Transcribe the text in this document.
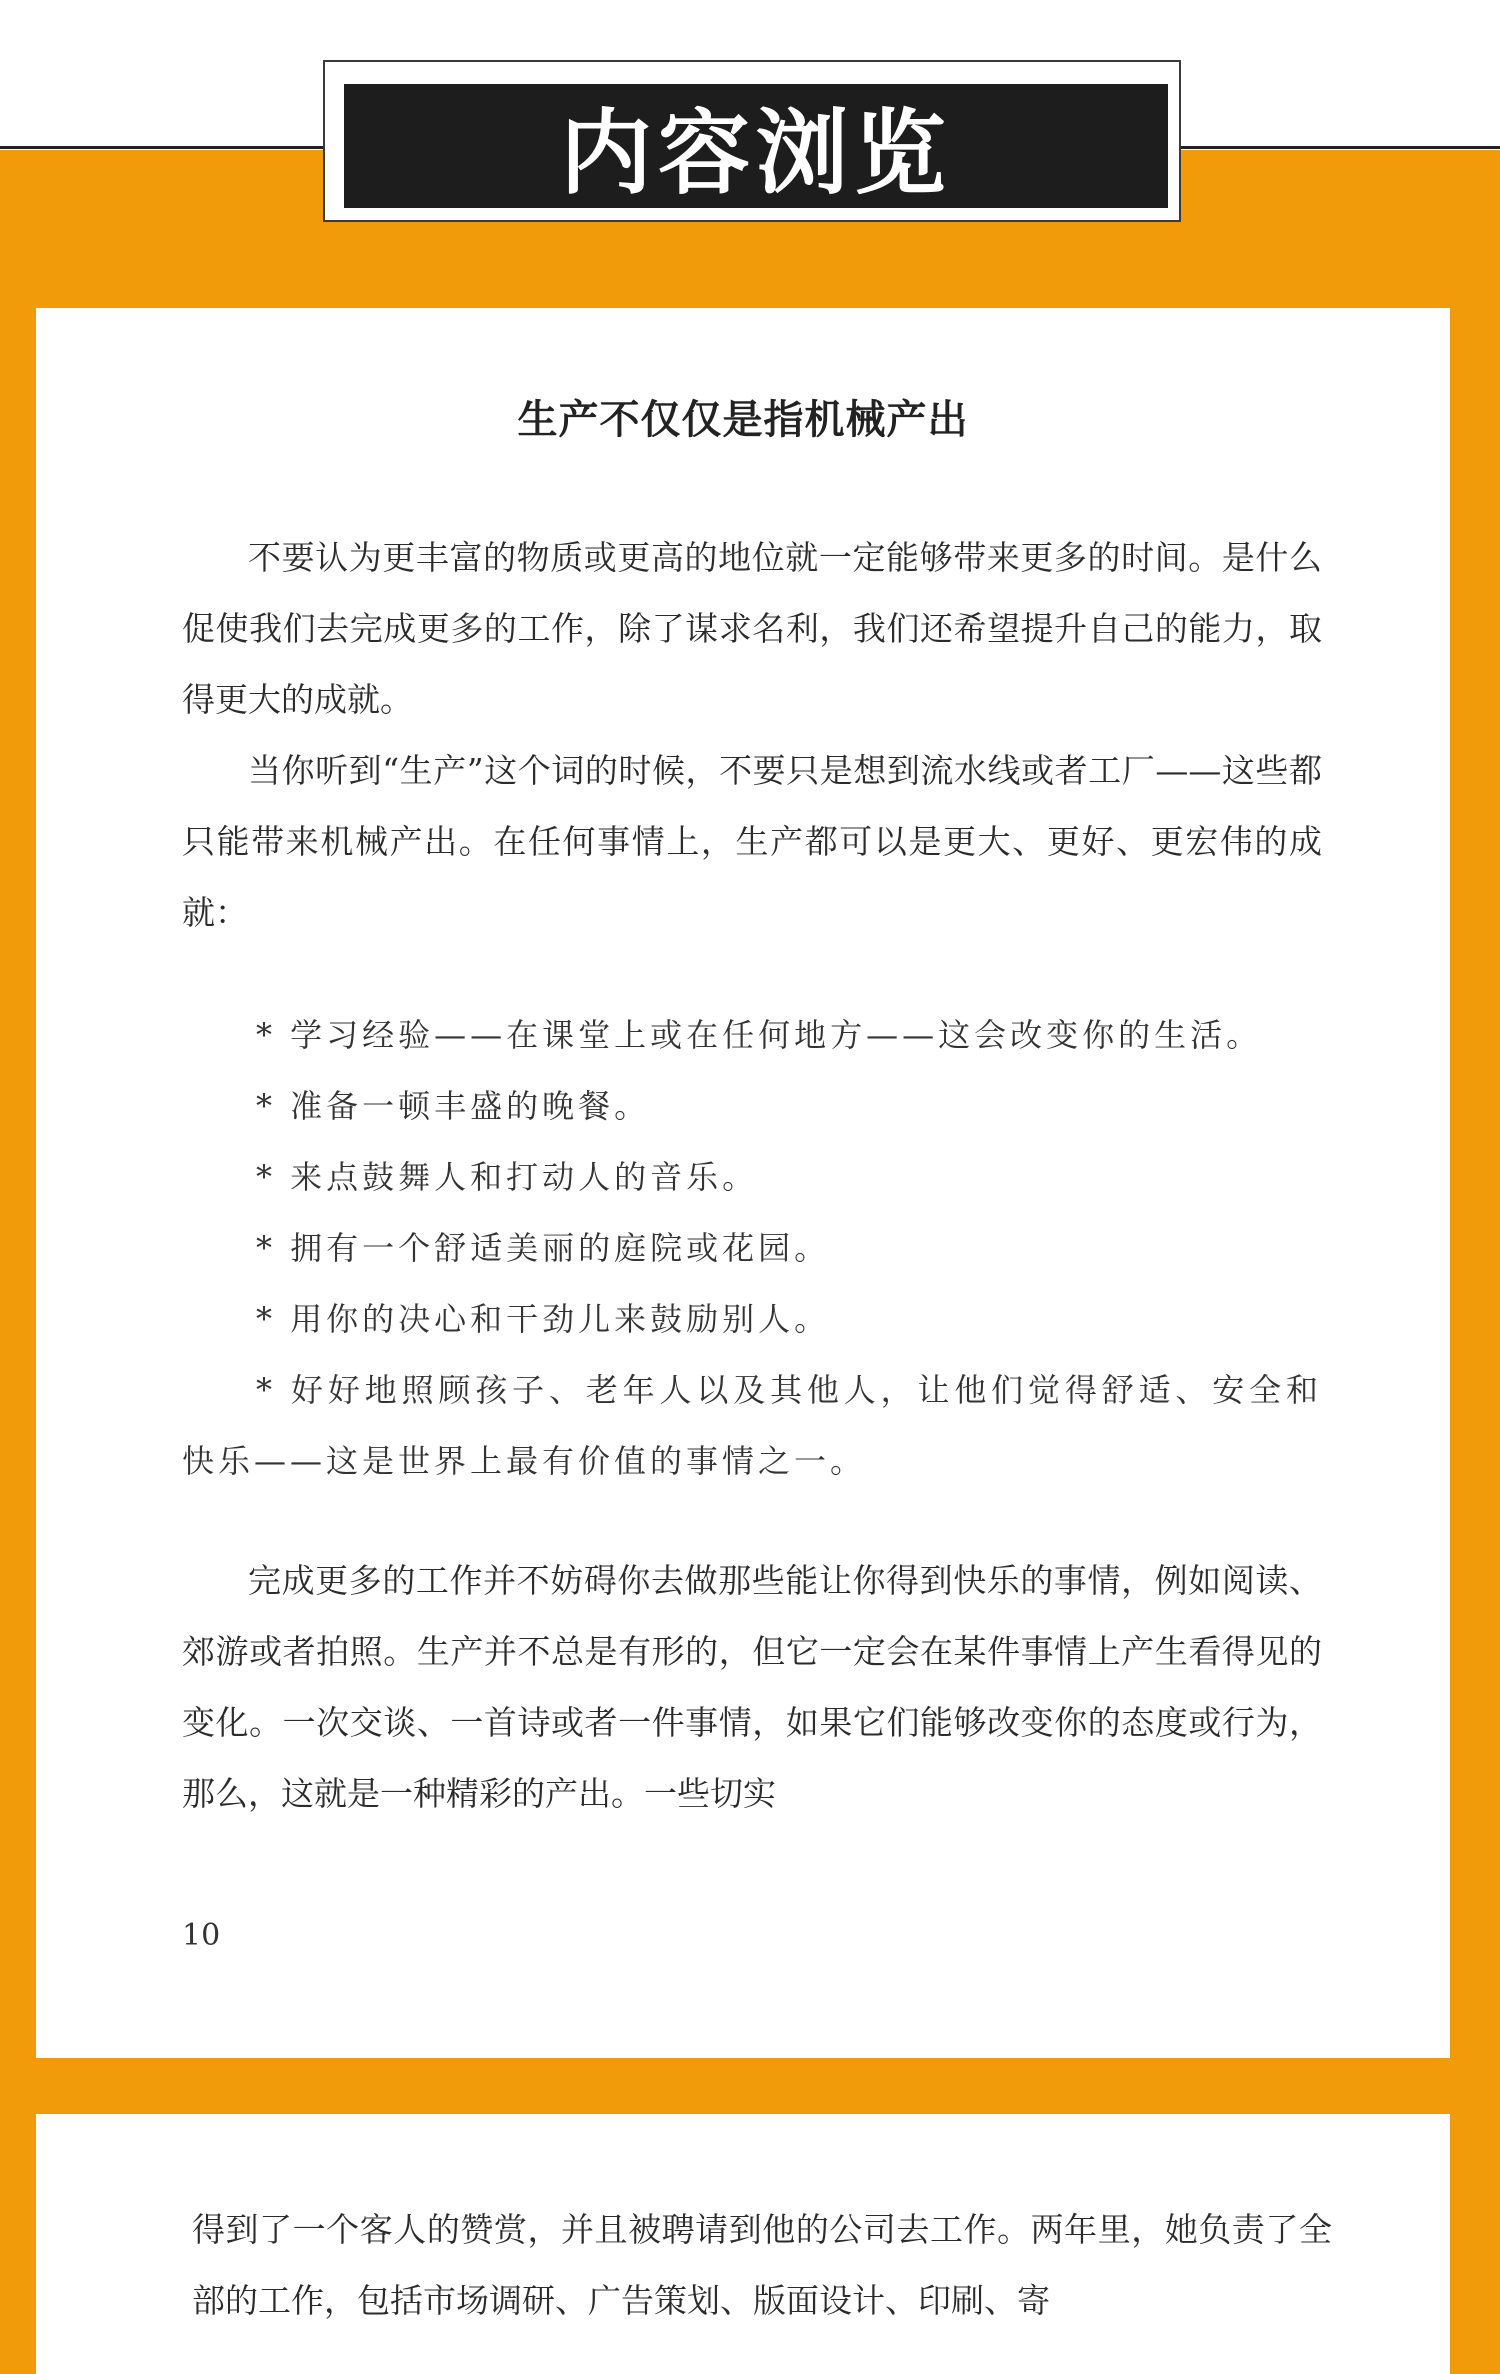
内容浏览
生产不仅仅是指机械产出

不要认为更丰富的物质或更高的地位就一定能够带来更多的时间。是什么促使我们去完成更多的工作，除了谋求名利，我们还希望提升自己的能力，取得更大的成就。

当你听到“生产”这个词的时候，不要只是想到流水线或者工厂——这些都只能带来机械产出。在任何事情上，生产都可以是更大、更好、更宏伟的成就：

* 学习经验——在课堂上或在任何地方——这会改变你的生活。
* 准备一顿丰盛的晚餐。
* 来点鼓舞人和打动人的音乐。
* 拥有一个舒适美丽的庭院或花园。
* 用你的决心和干劲儿来鼓励别人。
* 好好地照顾孩子、老年人以及其他人，让他们觉得舒适、安全和快乐——这是世界上最有价值的事情之一。

完成更多的工作并不妨碍你去做那些能让你得到快乐的事情，例如阅读、郊游或者拍照。生产并不总是有形的，但它一定会在某件事情上产生看得见的变化。一次交谈、一首诗或者一件事情，如果它们能够改变你的态度或行为，那么，这就是一种精彩的产出。一些切实

10

得到了一个客人的赞赏，并且被聘请到他的公司去工作。两年里，她负责了全部的工作，包括市场调研、广告策划、版面设计、印刷、寄
